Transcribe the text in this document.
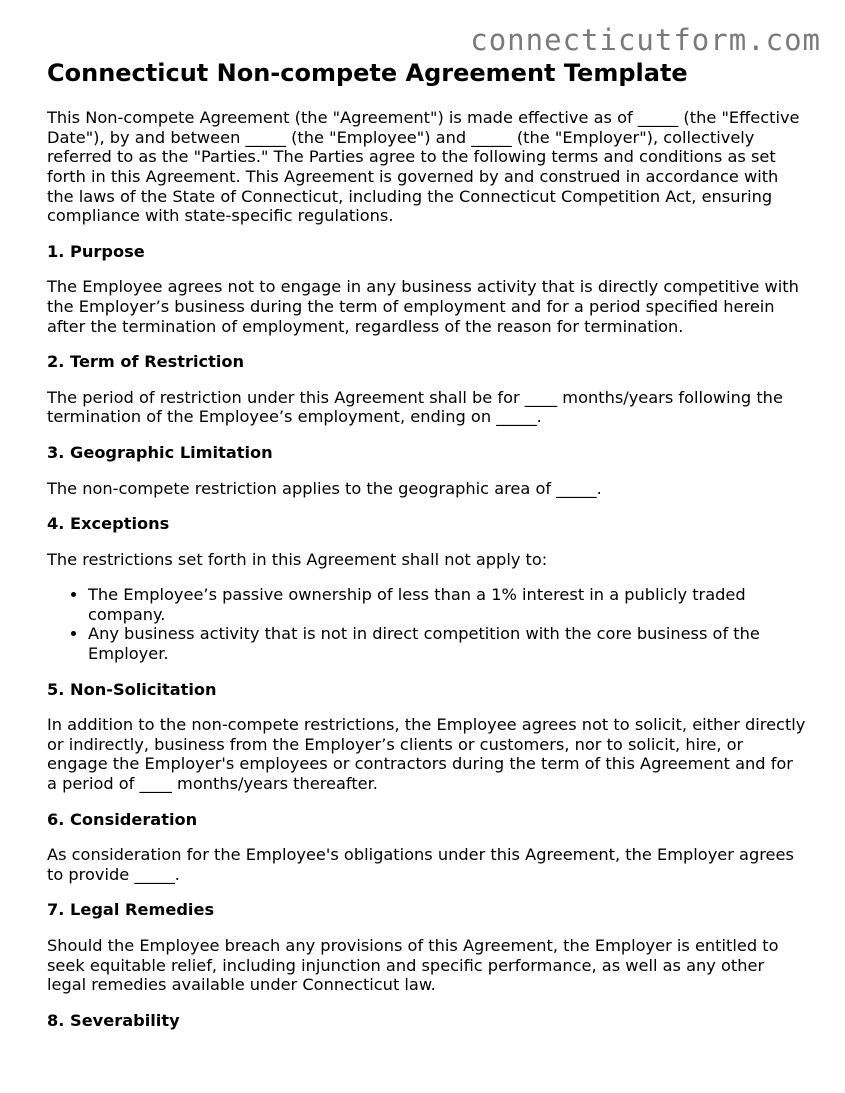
connecticutform.com
Connecticut Non-compete Agreement Template

This Non-compete Agreement (the "Agreement") is made effective as of _____ (the "Effective Date"), by and between _____ (the "Employee") and _____ (the "Employer"), collectively referred to as the "Parties." The Parties agree to the following terms and conditions as set forth in this Agreement. This Agreement is governed by and construed in accordance with the laws of the State of Connecticut, including the Connecticut Competition Act, ensuring compliance with state-specific regulations.

1. Purpose

The Employee agrees not to engage in any business activity that is directly competitive with the Employer’s business during the term of employment and for a period specified herein after the termination of employment, regardless of the reason for termination.

2. Term of Restriction

The period of restriction under this Agreement shall be for ____ months/years following the termination of the Employee’s employment, ending on _____.

3. Geographic Limitation

The non-compete restriction applies to the geographic area of _____.

4. Exceptions

The restrictions set forth in this Agreement shall not apply to:

• The Employee’s passive ownership of less than a 1% interest in a publicly traded company.
• Any business activity that is not in direct competition with the core business of the Employer.
5. Non-Solicitation

In addition to the non-compete restrictions, the Employee agrees not to solicit, either directly or indirectly, business from the Employer’s clients or customers, nor to solicit, hire, or engage the Employer's employees or contractors during the term of this Agreement and for a period of ____ months/years thereafter.

6. Consideration

As consideration for the Employee's obligations under this Agreement, the Employer agrees to provide _____.

7. Legal Remedies

Should the Employee breach any provisions of this Agreement, the Employer is entitled to seek equitable relief, including injunction and specific performance, as well as any other legal remedies available under Connecticut law.

8. Severability
